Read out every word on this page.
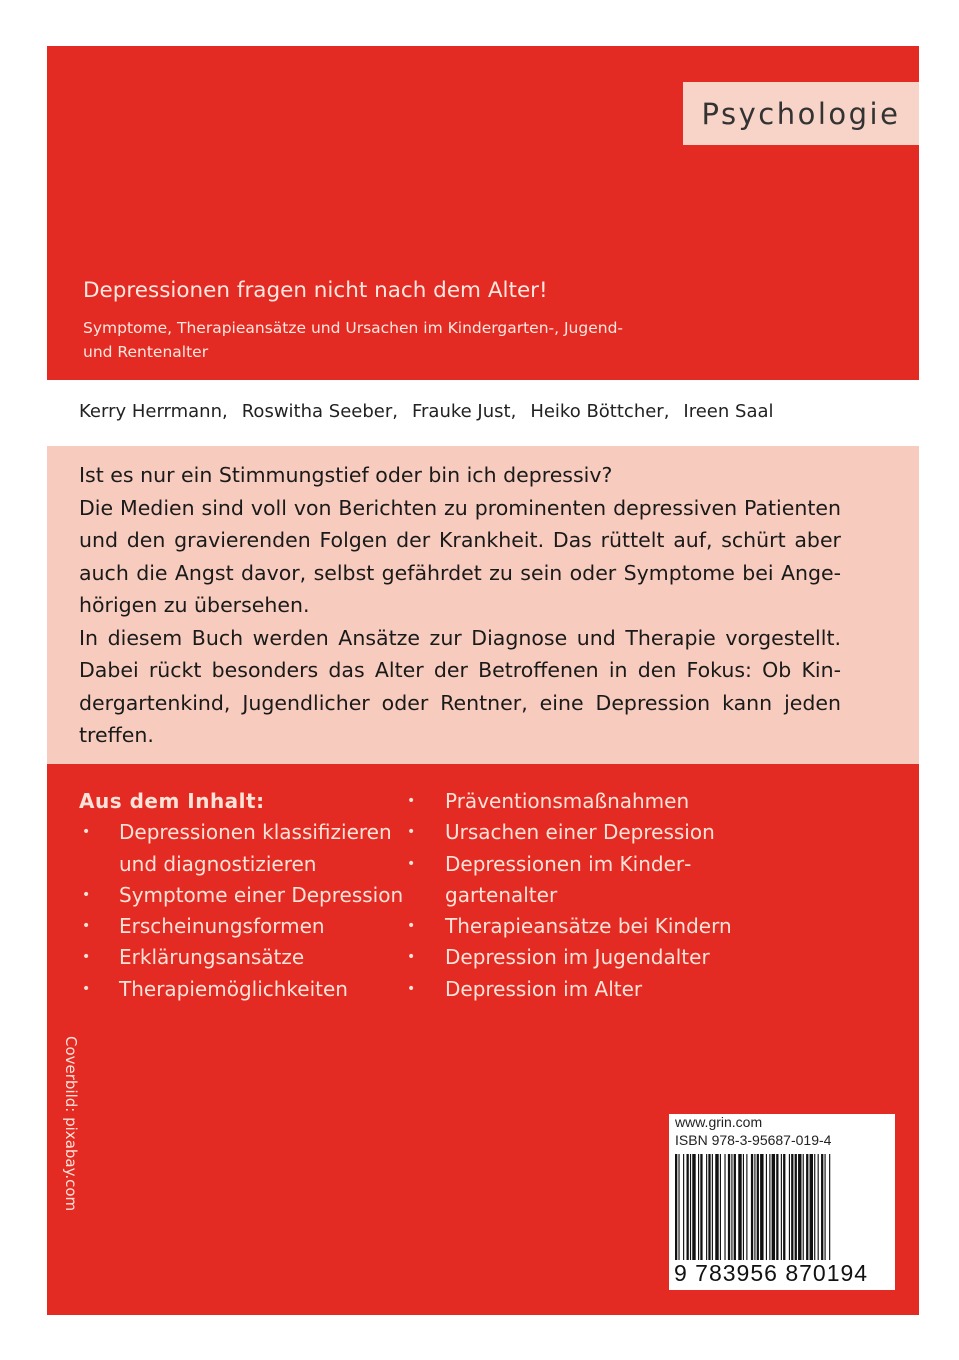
Psychologie
Depressionen fragen nicht nach dem Alter!

Symptome, Therapieansätze und Ursachen im Kindergarten-, Jugend- und Rentenalter

Kerry Herrmann, Roswitha Seeber, Frauke Just, Heiko Böttcher, Ireen Saal

Ist es nur ein Stimmungstief oder bin ich depressiv?

Die Medien sind voll von Berichten zu prominenten depressiven Patienten und den gravierenden Folgen der Krankheit. Das rüttelt auf, schürt aber auch die Angst davor, selbst gefährdet zu sein oder Symptome bei Angehörigen zu übersehen.

In diesem Buch werden Ansätze zur Diagnose und Therapie vorgestellt. Dabei rückt besonders das Alter der Betroffenen in den Fokus: Ob Kindergartenkind, Jugendlicher oder Rentner, eine Depression kann jeden treffen.

Aus dem Inhalt:
• Depressionen klassifizieren und diagnostizieren
• Symptome einer Depression
• Erscheinungsformen
• Erklärungsansätze
• Therapiemöglichkeiten
• Präventionsmaßnahmen
• Ursachen einer Depression
• Depressionen im Kindergartenalter
• Therapieansätze bei Kindern
• Depression im Jugendalter
• Depression im Alter
Coverbild: pixabay.com	www.grin.com
ISBN 978-3-95687-019-4
9 783956 870194
